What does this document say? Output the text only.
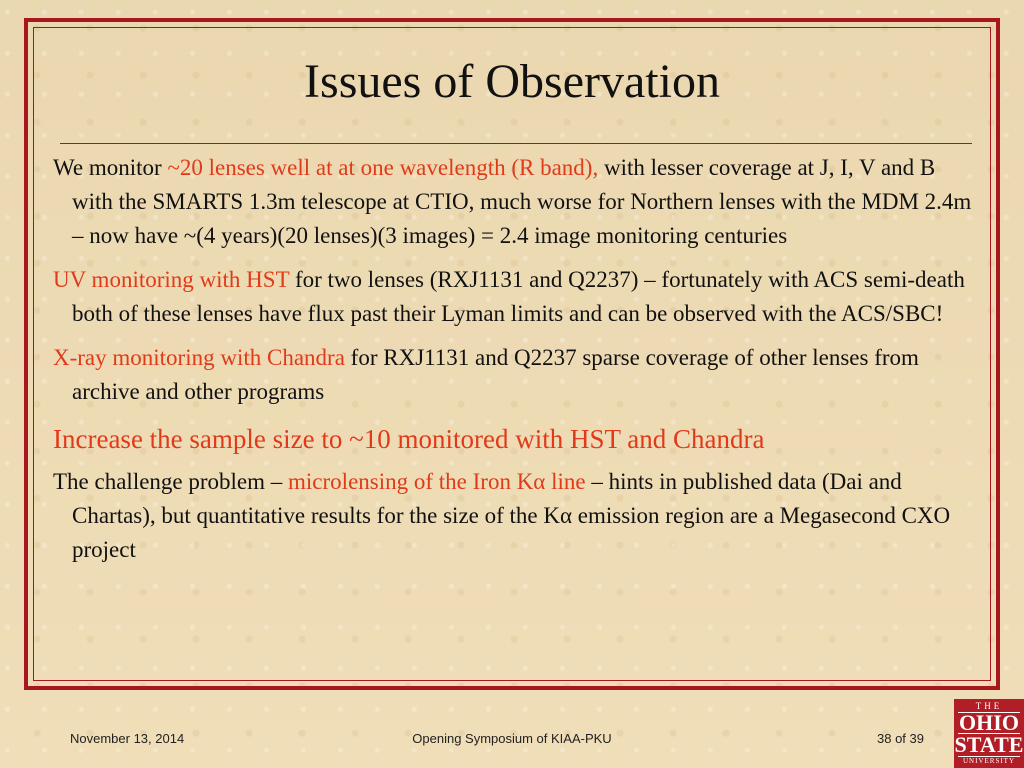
Issues of Observation

We monitor ~20 lenses well at at one wavelength (R band), with lesser coverage at J, I, V and B with the SMARTS 1.3m telescope at CTIO, much worse for Northern lenses with the MDM 2.4m – now have ~(4 years)(20 lenses)(3 images) = 2.4 image monitoring centuries

UV monitoring with HST for two lenses (RXJ1131 and Q2237) – fortunately with ACS semi-death both of these lenses have flux past their Lyman limits and can be observed with the ACS/SBC!

X-ray monitoring with Chandra for RXJ1131 and Q2237 sparse coverage of other lenses from archive and other programs

Increase the sample size to ~10 monitored with HST and Chandra

The challenge problem – microlensing of the Iron Kα line – hints in published data (Dai and Chartas), but quantitative results for the size of the Kα emission region are a Megasecond CXO project

November 13, 2014	Opening Symposium of KIAA-PKU	38 of 39
THE
OHIO
STATE
UNIVERSITY
